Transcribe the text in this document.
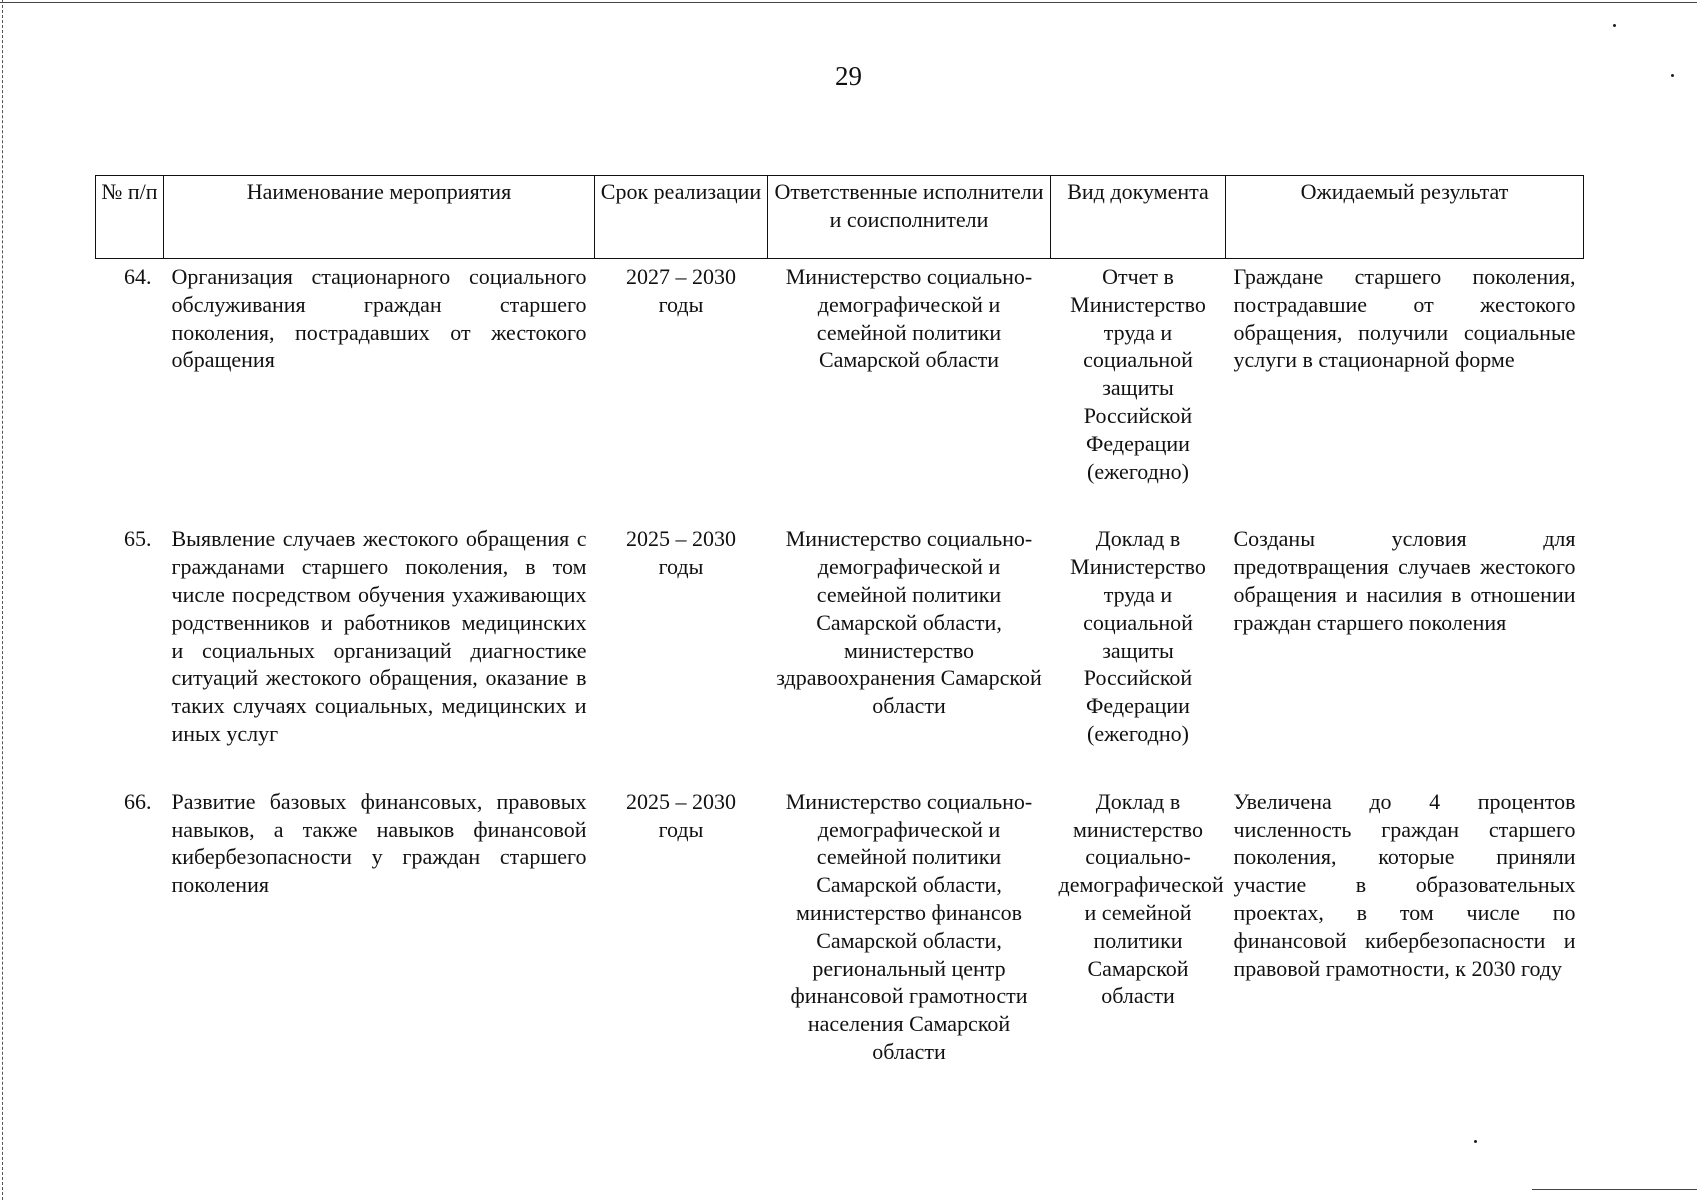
29
№ п/п	Наименование мероприятия	Срок реализации	Ответственные исполнители и соисполнители	Вид документа	Ожидаемый результат
64.	Организация стационарного социального обслуживания граждан старшего поколения, пострадавших от жестокого обращения	2027 – 2030 годы	Министерство социально-демографической и семейной политики Самарской области	Отчет в Министерство труда и социальной защиты Российской Федерации (ежегодно)	Граждане старшего поколения, пострадавшие от жестокого обращения, получили социальные услуги в стационарной форме
65.	Выявление случаев жестокого обращения с гражданами старшего поколения, в том числе посредством обучения ухаживающих родственников и работников медицинских и социальных организаций диагностике ситуаций жестокого обращения, оказание в таких случаях социальных, медицинских и иных услуг	2025 – 2030 годы	Министерство социально-демографической и семейной политики Самарской области, министерство здравоохранения Самарской области	Доклад в Министерство труда и социальной защиты Российской Федерации (ежегодно)	Созданы условия для предотвращения случаев жестокого обращения и насилия в отношении граждан старшего поколения
66.	Развитие базовых финансовых, правовых навыков, а также навыков финансовой кибербезопасности у граждан старшего поколения	2025 – 2030 годы	Министерство социально-демографической и семейной политики Самарской области, министерство финансов Самарской области, региональный центр финансовой грамотности населения Самарской области	Доклад в министерство социально-демографической и семейной политики Самарской области	Увеличена до 4 процентов численность граждан старшего поколения, которые приняли участие в образовательных проектах, в том числе по финансовой кибербезопасности и правовой грамотности, к 2030 году
